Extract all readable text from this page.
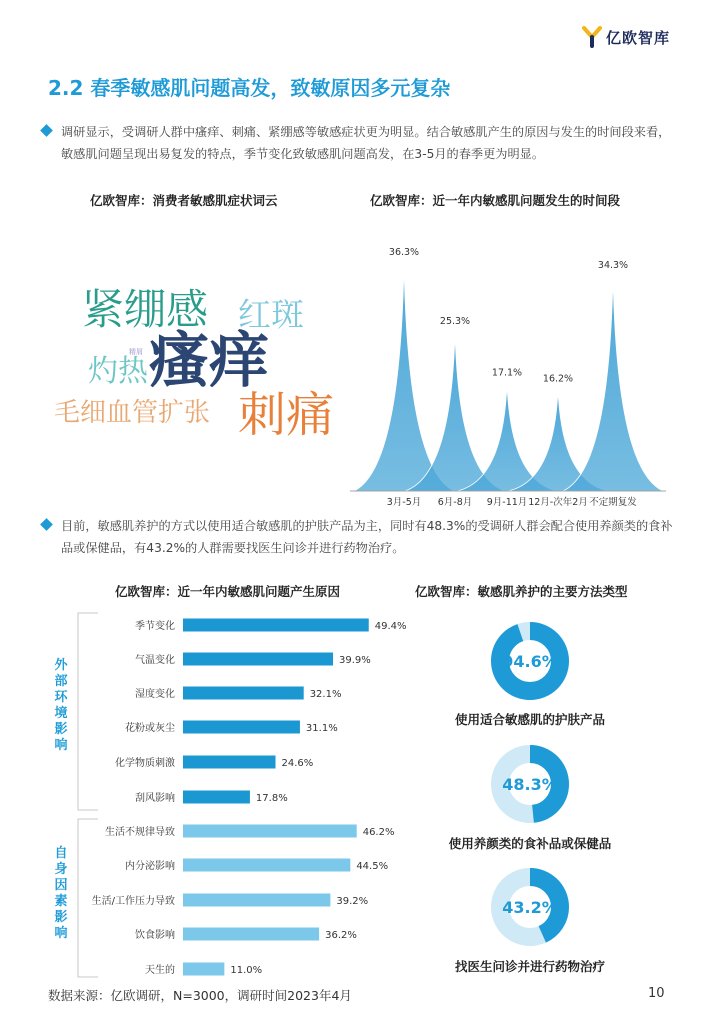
亿欧智库
2.2 春季敏感肌问题高发，致敏原因多元复杂
调研显示，受调研人群中瘙痒、刺痛、紧绷感等敏感症状更为明显。结合敏感肌产生的原因与发生的时间段来看，敏感肌问题呈现出易复发的特点，季节变化致敏感肌问题高发，在3-5月的春季更为明显。
亿欧智库：消费者敏感肌症状词云
紧绷感 红斑
精屑
灼热 瘙痒
毛细血管扩张 刺痛
亿欧智库：近一年内敏感肌问题发生的时间段
36.3%
3月-5月
25.3%
6月-8月
17.1%
9月-11月
16.2%
12月-次年2月
34.3%
不定期复发
目前，敏感肌养护的方式以使用适合敏感肌的护肤产品为主，同时有48.3%的受调研人群会配合使用养颜类的食补品或保健品，有43.2%的人群需要找医生问诊并进行药物治疗。
亿欧智库：近一年内敏感肌问题产生原因
季节变化	49.4%
气温变化	39.9%
湿度变化	32.1%
花粉或灰尘	31.1%
化学物质刺激	24.6%
刮风影响	17.8%
生活不规律导致	46.2%
内分泌影响	44.5%
生活/工作压力导致	39.2%
饮食影响	36.2%
天生的	11.0%
外部环境影响
自身因素影响
亿欧智库：敏感肌养护的主要方法类型
94.6%
48.3%
43.2%
使用适合敏感肌的护肤产品
使用养颜类的食补品或保健品
找医生问诊并进行药物治疗
数据来源：亿欧调研，N=3000，调研时间2023年4月	10
